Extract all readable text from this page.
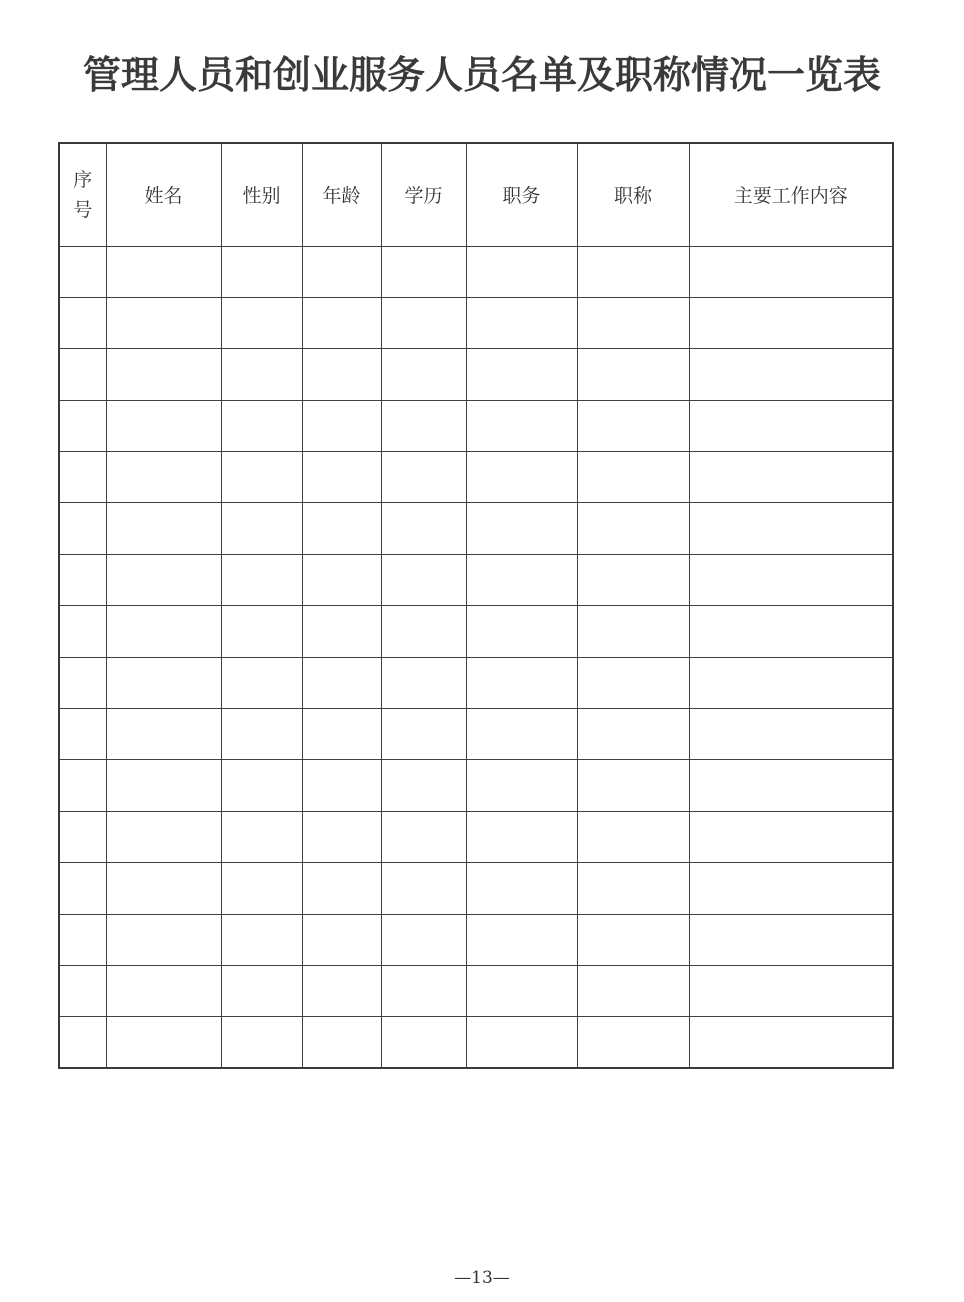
管理人员和创业服务人员名单及职称情况一览表
序
号	姓名	性别	年龄	学历	职务	职称	主要工作内容

—13—
